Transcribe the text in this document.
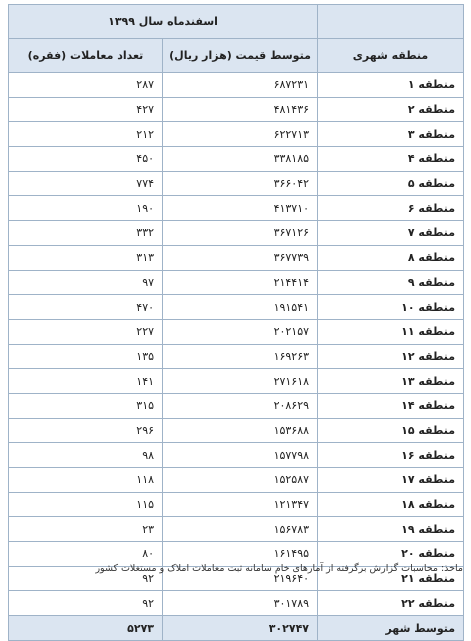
	اسفندماه سال ۱۳۹۹	
منطقه شهری	متوسط قیمت (هزار ریال)	تعداد معاملات (فقره)
منطقه ۱	۶۸۷۲۳۱	۲۸۷
منطقه ۲	۴۸۱۴۳۶	۴۲۷
منطقه ۳	۶۲۲۷۱۳	۲۱۲
منطقه ۴	۳۳۸۱۸۵	۴۵۰
منطقه ۵	۳۶۶۰۴۲	۷۷۴
منطقه ۶	۴۱۳۷۱۰	۱۹۰
منطقه ۷	۳۶۷۱۲۶	۳۳۲
منطقه ۸	۳۶۷۷۳۹	۳۱۳
منطقه ۹	۲۱۴۴۱۴	۹۷
منطقه ۱۰	۱۹۱۵۴۱	۴۷۰
منطقه ۱۱	۲۰۲۱۵۷	۲۲۷
منطقه ۱۲	۱۶۹۲۶۳	۱۳۵
منطقه ۱۳	۲۷۱۶۱۸	۱۴۱
منطقه ۱۴	۲۰۸۶۲۹	۳۱۵
منطقه ۱۵	۱۵۳۶۸۸	۲۹۶
منطقه ۱۶	۱۵۷۷۹۸	۹۸
منطقه ۱۷	۱۵۲۵۸۷	۱۱۸
منطقه ۱۸	۱۲۱۳۴۷	۱۱۵
منطقه ۱۹	۱۵۶۷۸۳	۲۳
منطقه ۲۰	۱۶۱۴۹۵	۸۰
منطقه ۲۱	۲۱۹۶۴۰	۹۲
منطقه ۲۲	۳۰۱۷۸۹	۹۲
متوسط شهر	۳۰۲۷۴۷	۵۲۷۳
ماخذ: محاسبات گزارش برگرفته از آمارهای خام سامانه ثبت معاملات املاک و مستغلات کشور
